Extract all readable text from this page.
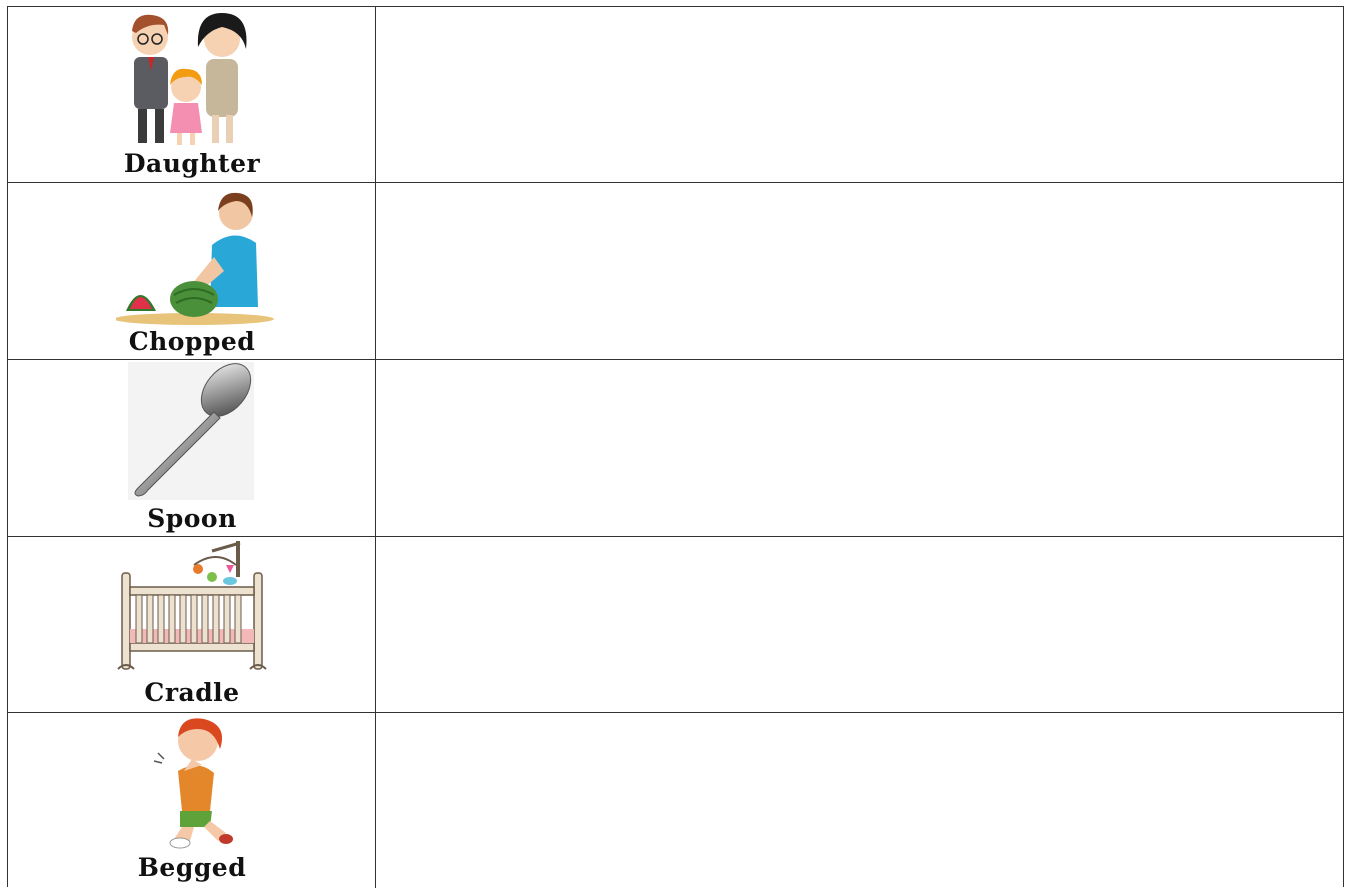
Daughter
Chopped
Spoon
Cradle
Begged
